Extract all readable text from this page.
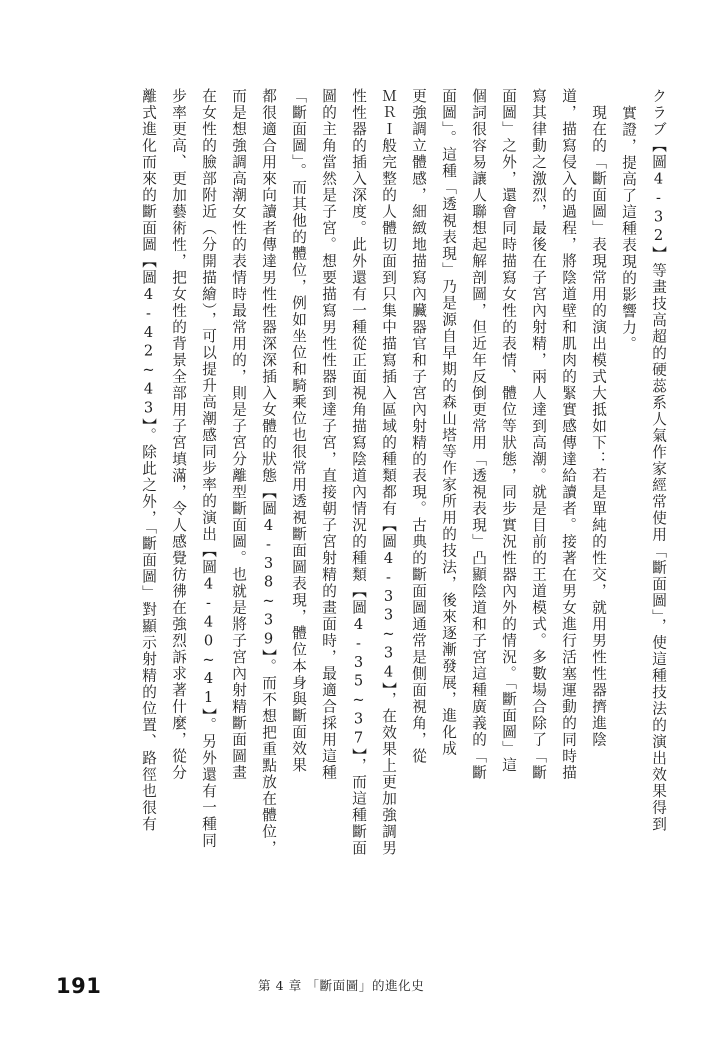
クラブ【圖4-32】等畫技高超的硬蕊系人氣作家經常使用「斷面圖」，使這種技法的演出效果得到
實證，提高了這種表現的影響力。
　現在的「斷面圖」表現常用的演出模式大抵如下：若是單純的性交，就用男性性器擠進陰
道，描寫侵入的過程，將陰道壁和肌肉的緊實感傳達給讀者。接著在男女進行活塞運動的同時描
寫其律動之激烈，最後在子宮內射精，兩人達到高潮。就是目前的王道模式。多數場合除了「斷
面圖」之外，還會同時描寫女性的表情、體位等狀態，同步實況性器內外的情況。「斷面圖」這
個詞很容易讓人聯想起解剖圖，但近年反倒更常用「透視表現」凸顯陰道和子宮這種廣義的「斷
面圖」。這種「透視表現」乃是源自早期的森山塔等作家所用的技法，後來逐漸發展，進化成
更強調立體感，細緻地描寫內臟器官和子宮內射精的表現。古典的斷面圖通常是側面視角，從
ＭＲＩ般完整的人體切面到只集中描寫插入區域的種類都有【圖4-33~34】，在效果上更加強調男
性性器的插入深度。此外還有一種從正面視角描寫陰道內情況的種類【圖4-35~37】，而這種斷面
圖的主角當然是子宮。想要描寫男性性器到達子宮，直接朝子宮射精的畫面時，最適合採用這種
「斷面圖」。而其他的體位，例如坐位和騎乘位也很常用透視斷面圖表現，體位本身與斷面效果
都很適合用來向讀者傳達男性性器深深插入女體的狀態【圖4-38~39】。而不想把重點放在體位，
而是想強調高潮女性的表情時最常用的，則是子宮分離型斷面圖。也就是將子宮內射精斷面圖畫
在女性的臉部附近（分開描繪），可以提升高潮感同步率的演出【圖4-40~41】。另外還有一種同
步率更高、更加藝術性，把女性的背景全部用子宮填滿，令人感覺彷彿在強烈訴求著什麼，從分
離式進化而來的斷面圖【圖4-42~43】。除此之外，「斷面圖」對顯示射精的位置、路徑也很有
191	第 4 章 「斷面圖」的進化史
